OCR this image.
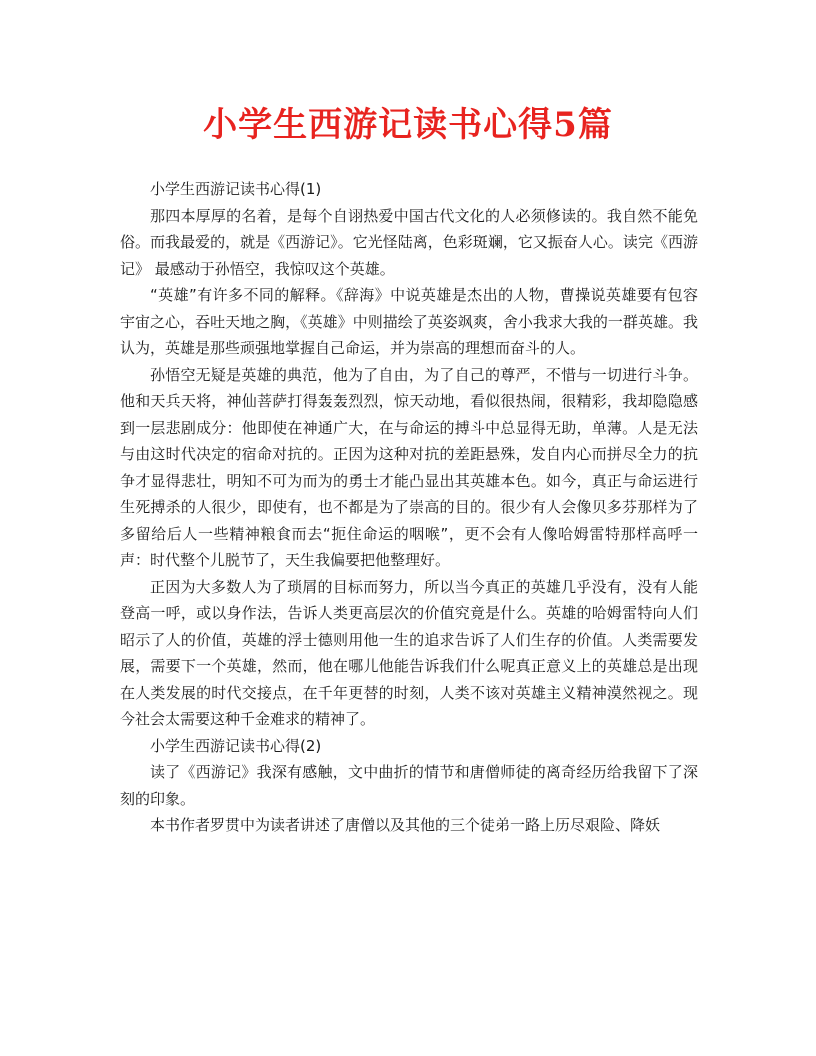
小学生西游记读书心得5篇

小学生西游记读书心得(1)

那四本厚厚的名着，是每个自诩热爱中国古代文化的人必须修读的。我自然不能免俗。而我最爱的，就是《西游记》。它光怪陆离，色彩斑斓，它又振奋人心。读完《西游记》 最感动于孙悟空，我惊叹这个英雄。

“英雄”有许多不同的解释。《辞海》中说英雄是杰出的人物，曹操说英雄要有包容宇宙之心，吞吐天地之胸，《英雄》中则描绘了英姿飒爽，舍小我求大我的一群英雄。我认为，英雄是那些顽强地掌握自己命运，并为崇高的理想而奋斗的人。

孙悟空无疑是英雄的典范，他为了自由，为了自己的尊严，不惜与一切进行斗争。他和天兵天将，神仙菩萨打得轰轰烈烈，惊天动地，看似很热闹，很精彩，我却隐隐感到一层悲剧成分：他即使在神通广大，在与命运的搏斗中总显得无助，单薄。人是无法与由这时代决定的宿命对抗的。正因为这种对抗的差距悬殊，发自内心而拼尽全力的抗争才显得悲壮，明知不可为而为的勇士才能凸显出其英雄本色。如今，真正与命运进行生死搏杀的人很少，即使有，也不都是为了崇高的目的。很少有人会像贝多芬那样为了多留给后人一些精神粮食而去“扼住命运的咽喉”，更不会有人像哈姆雷特那样高呼一声：时代整个儿脱节了，天生我偏要把他整理好。

正因为大多数人为了琐屑的目标而努力，所以当今真正的英雄几乎没有，没有人能登高一呼，或以身作法，告诉人类更高层次的价值究竟是什么。英雄的哈姆雷特向人们昭示了人的价值，英雄的浮士德则用他一生的追求告诉了人们生存的价值。人类需要发展，需要下一个英雄，然而，他在哪儿他能告诉我们什么呢真正意义上的英雄总是出现在人类发展的时代交接点，在千年更替的时刻，人类不该对英雄主义精神漠然视之。现今社会太需要这种千金难求的精神了。

小学生西游记读书心得(2)

读了《西游记》我深有感触，文中曲折的情节和唐僧师徒的离奇经历给我留下了深刻的印象。

本书作者罗贯中为读者讲述了唐僧以及其他的三个徒弟一路上历尽艰险、降妖
